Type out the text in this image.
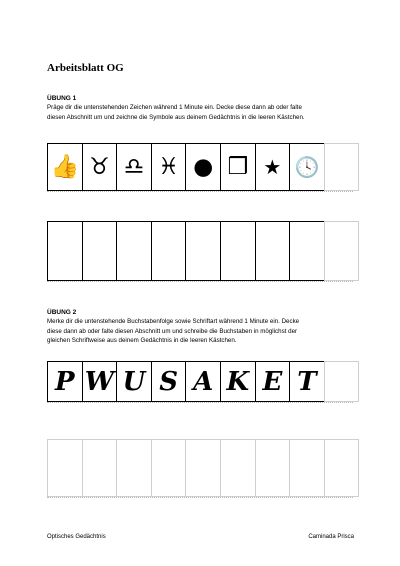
Arbeitsblatt OG
ÜBUNG 1
Präge dir die untenstehenden Zeichen während 1 Minute ein. Decke diese dann ab oder falte
diesen Abschnitt um und zeichne die Symbole aus deinem Gedächtnis in die leeren Kästchen.
👍 ♉ ♎ ♓ ● ❒ ★ 🕓
ÜBUNG 2
Merke dir die untenstehende Buchstabenfolge sowie Schriftart während 1 Minute ein. Decke
diese dann ab oder falte diesen Abschnitt um und schreibe die Buchstaben in möglichst der
gleichen Schriftweise aus deinem Gedächtnis in die leeren Kästchen.
P W U S A K E T
Optisches Gedächtnis	Caminada Prisca
